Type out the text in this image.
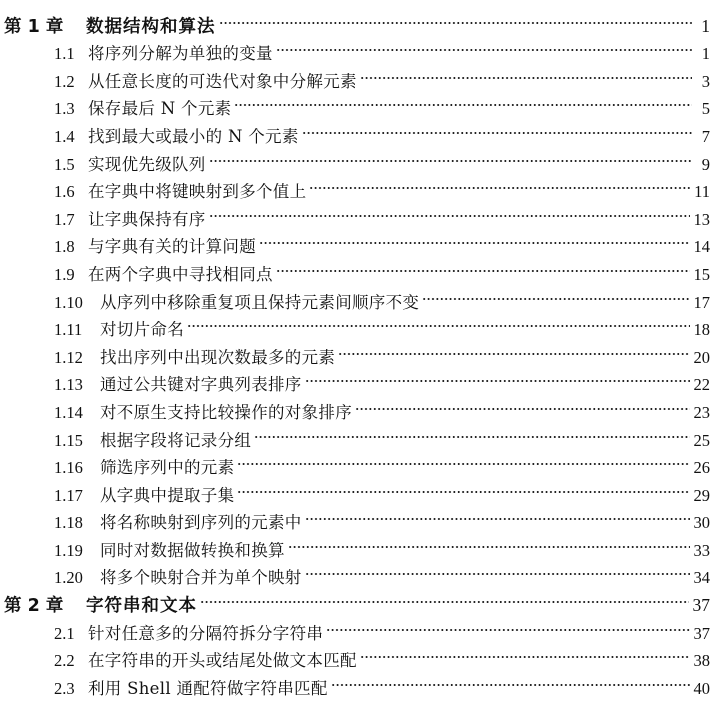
第 1 章	数据结构和算法	1
1.1 将序列分解为单独的变量	1
1.2 从任意长度的可迭代对象中分解元素	3
1.3 保存最后 N 个元素	5
1.4 找到最大或最小的 N 个元素	7
1.5 实现优先级队列	9
1.6 在字典中将键映射到多个值上	11
1.7 让字典保持有序	13
1.8 与字典有关的计算问题	14
1.9 在两个字典中寻找相同点	15
1.10	从序列中移除重复项且保持元素间顺序不变	17
1.11	对切片命名	18
1.12	找出序列中出现次数最多的元素	20
1.13	通过公共键对字典列表排序	22
1.14	对不原生支持比较操作的对象排序	23
1.15	根据字段将记录分组	25
1.16	筛选序列中的元素	26
1.17	从字典中提取子集	29
1.18	将名称映射到序列的元素中	30
1.19	同时对数据做转换和换算	33
1.20	将多个映射合并为单个映射	34
第 2 章	字符串和文本	37
2.1 针对任意多的分隔符拆分字符串	37
2.2 在字符串的开头或结尾处做文本匹配	38
2.3 利用 Shell 通配符做字符串匹配	40
